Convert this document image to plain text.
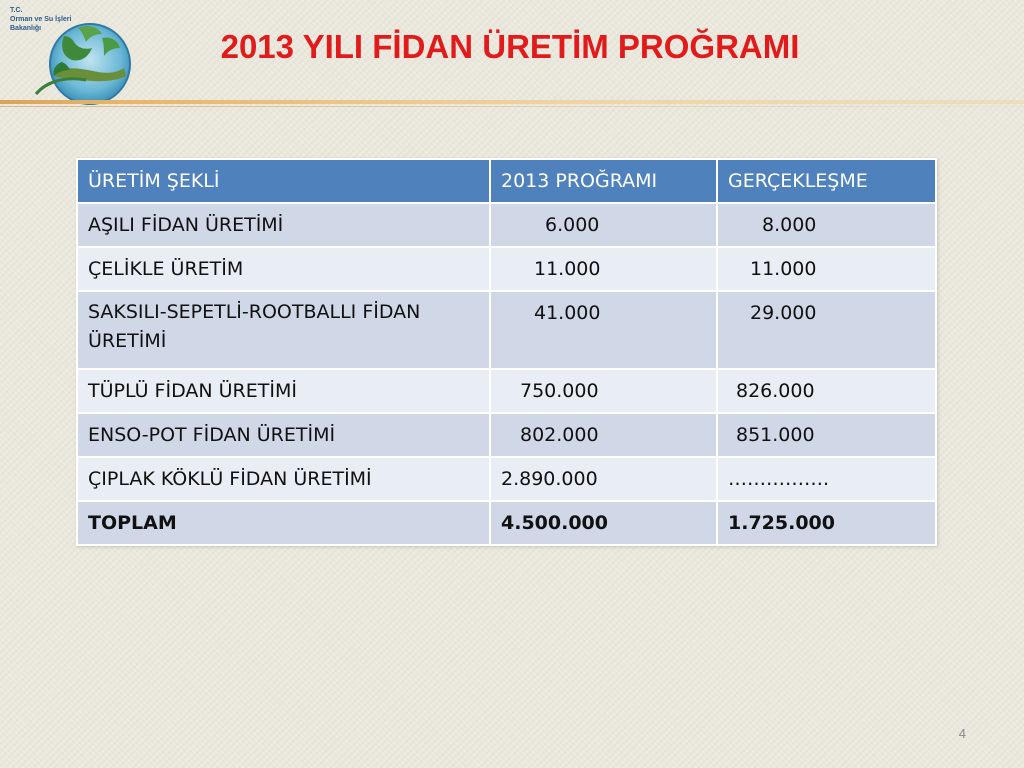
T.C.
Orman ve Su İşleri
Bakanlığı	2013 YILI FİDAN ÜRETİM PROĞRAMI
ÜRETİM ŞEKLİ	2013 PROĞRAMI	GERÇEKLEŞME
AŞILI FİDAN ÜRETİMİ	6.000	8.000
ÇELİKLE ÜRETİM	11.000	11.000
SAKSILI-SEPETLİ-ROOTBALLI FİDAN ÜRETİMİ	41.000	29.000
TÜPLÜ FİDAN ÜRETİMİ	750.000	826.000
ENSO-POT FİDAN ÜRETİMİ	802.000	851.000
ÇIPLAK KÖKLÜ FİDAN ÜRETİMİ	2.890.000	…………….
TOPLAM	4.500.000	1.725.000
4
